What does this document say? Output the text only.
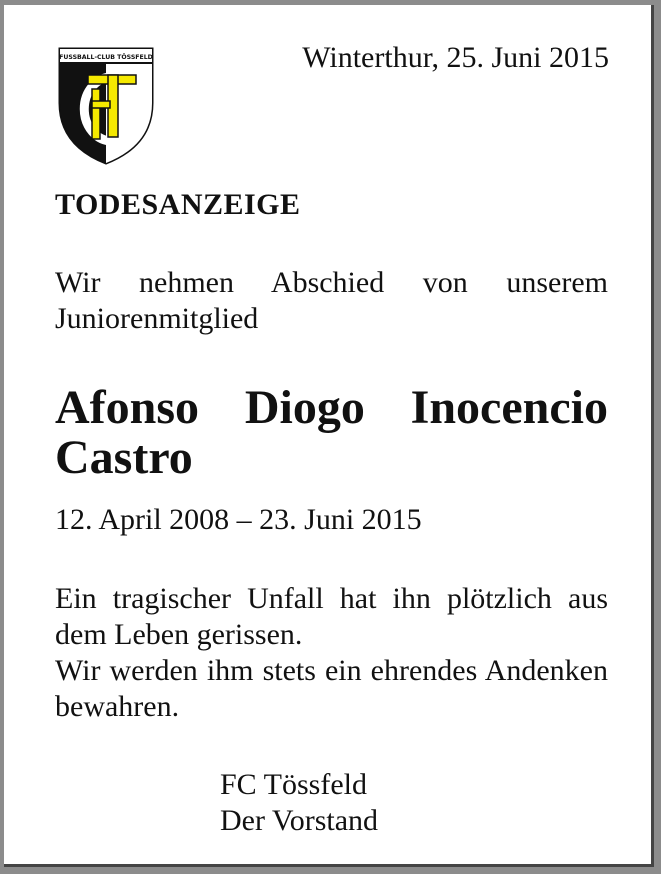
FUSSBALL-CLUB TÖSSFELD	Winterthur, 25. Juni 2015
TODESANZEIGE
Wir nehmen Abschied von unserem Juniorenmitglied
Afonso Diogo Inocencio Castro
12. April 2008 – 23. Juni 2015
Ein tragischer Unfall hat ihn plötzlich aus dem Leben gerissen.
Wir werden ihm stets ein ehrendes Andenken bewahren.
FC Tössfeld
Der Vorstand
